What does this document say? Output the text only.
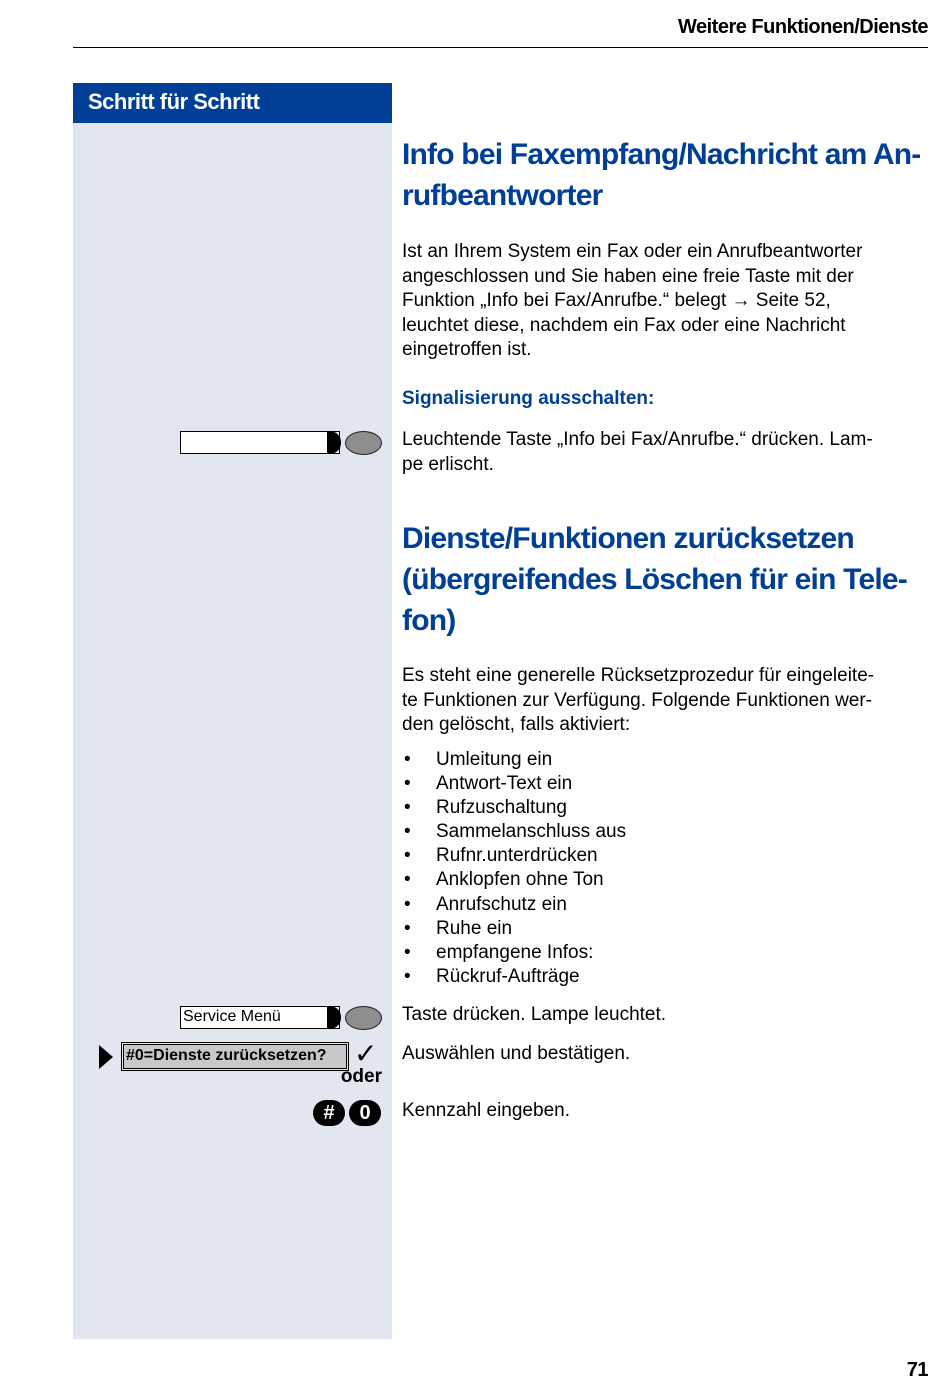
Weitere Funktionen/Dienste
Schritt für Schritt
Info bei Faxempfang/Nachricht am An-
rufbeantworter
Ist an Ihrem System ein Fax oder ein Anrufbeantworter
angeschlossen und Sie haben eine freie Taste mit der
Funktion „Info bei Fax/Anrufbe.“ belegt → Seite 52,
leuchtet diese, nachdem ein Fax oder eine Nachricht
eingetroffen ist.
Signalisierung ausschalten:
Leuchtende Taste „Info bei Fax/Anrufbe.“ drücken. Lam-
pe erlischt.
Dienste/Funktionen zurücksetzen
(übergreifendes Löschen für ein Tele-
fon)
Es steht eine generelle Rücksetzprozedur für eingeleite-
te Funktionen zur Verfügung. Folgende Funktionen wer-
den gelöscht, falls aktiviert:
• Umleitung ein
• Antwort-Text ein
• Rufzuschaltung
• Sammelanschluss aus
• Rufnr.unterdrücken
• Anklopfen ohne Ton
• Anrufschutz ein
• Ruhe ein
• empfangene Infos:
• Rückruf-Aufträge
Service Menü	Taste drücken. Lampe leuchtet.
#0=Dienste zurücksetzen? ✓ Auswählen und bestätigen.
oder
#	0	Kennzahl eingeben.
71
